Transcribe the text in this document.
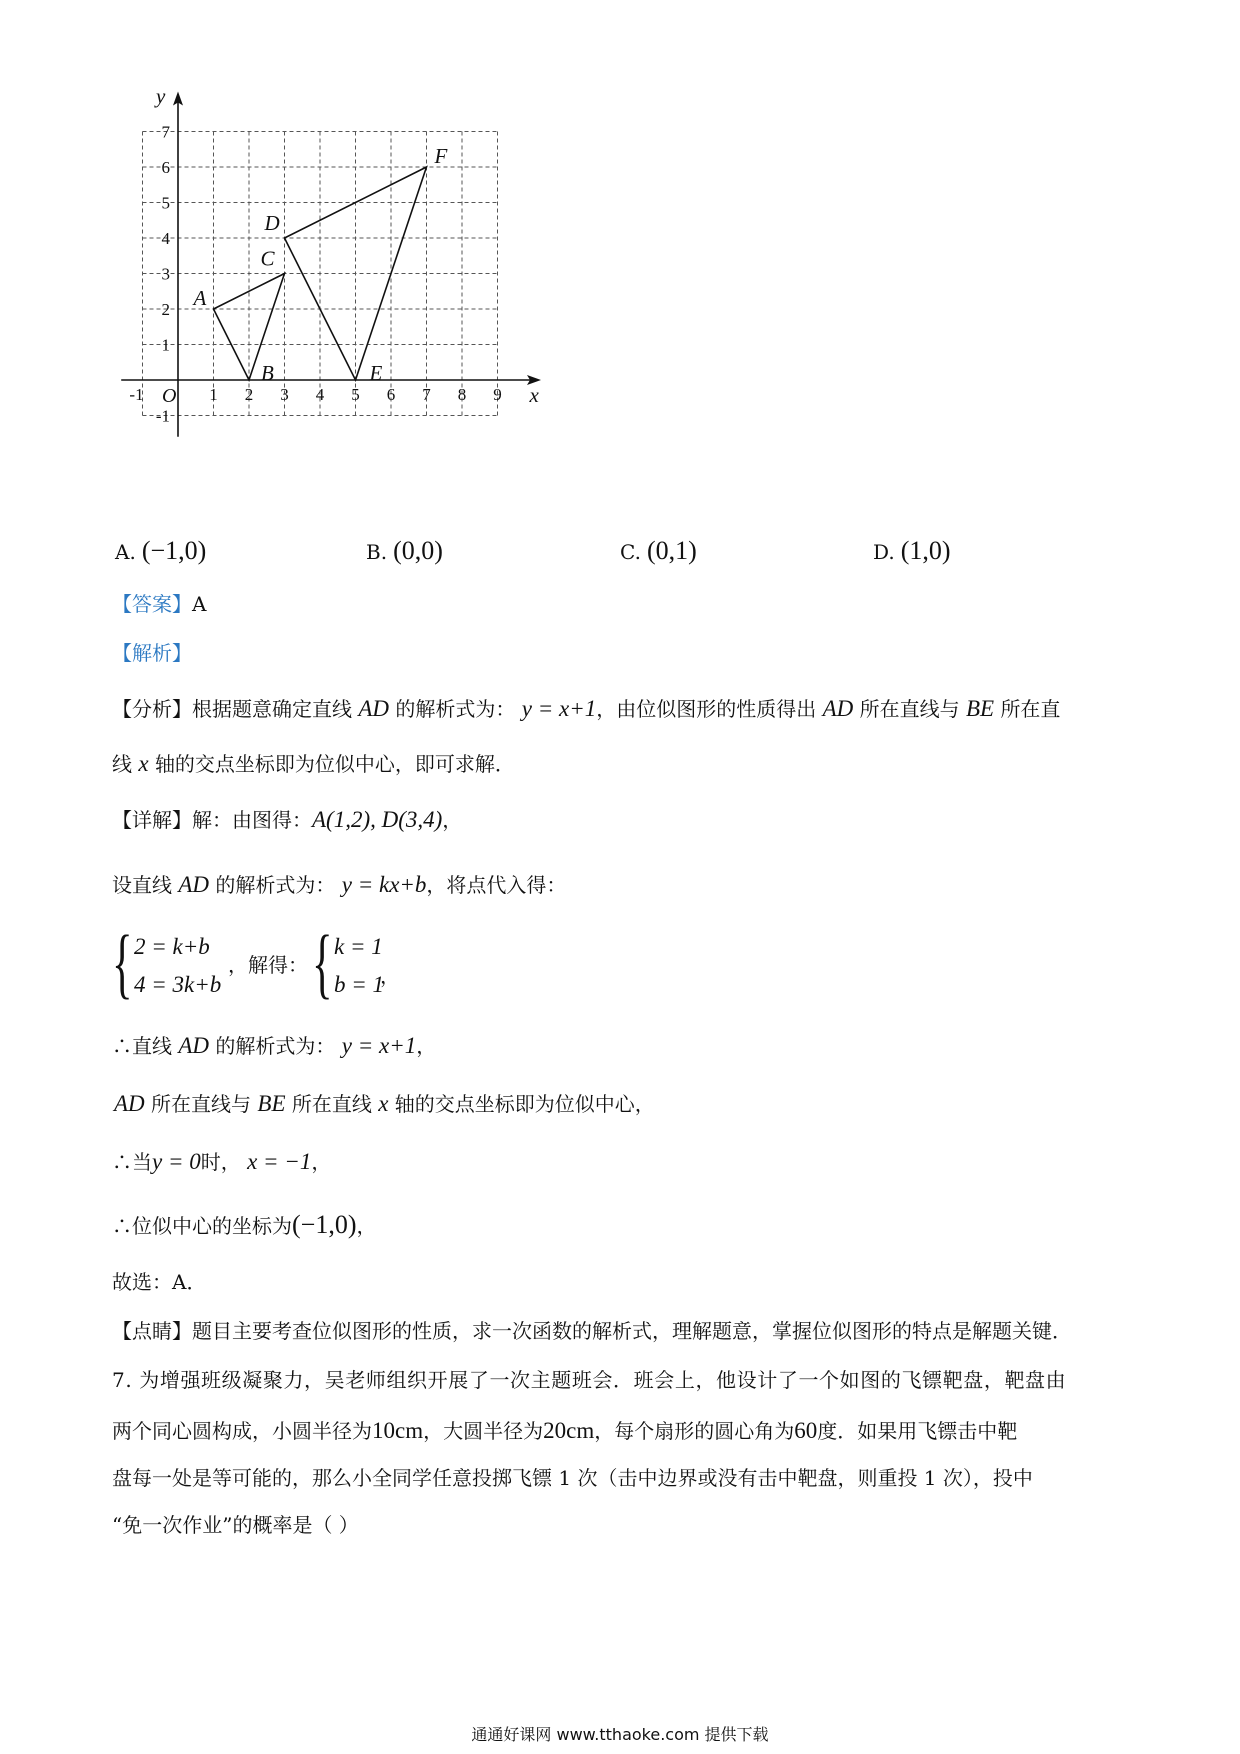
-1	1 2 3 4 5 6 7 8 9
-1
1
2
3
4
5
6
7
x
y
O
A
B
C
D
E
F
A. (−1,0)	B. (0,0)	C. (0,1)	D. (1,0)
【答案】A
【解析】
【分析】根据题意确定直线 AD 的解析式为： y = x+1，由位似图形的性质得出 AD 所在直线与 BE 所在直
线 x 轴的交点坐标即为位似中心，即可求解．
【详解】解：由图得：A(1,2), D(3,4)，
设直线 AD 的解析式为： y = kx+b，将点代入得：
{ 2 = k+b
4 = 3k+b
，解得： { k = 1
b = 1
，
∴直线 AD 的解析式为： y = x+1，
AD 所在直线与 BE 所在直线 x 轴的交点坐标即为位似中心，
∴当y = 0时， x = −1，
∴位似中心的坐标为(−1,0)，
故选：A．
【点睛】题目主要考查位似图形的性质，求一次函数的解析式，理解题意，掌握位似图形的特点是解题关键．
7. 为增强班级凝聚力，吴老师组织开展了一次主题班会．班会上，他设计了一个如图的飞镖靶盘，靶盘由
两个同心圆构成，小圆半径为10cm，大圆半径为20cm，每个扇形的圆心角为60度．如果用飞镖击中靶
盘每一处是等可能的，那么小全同学任意投掷飞镖 1 次（击中边界或没有击中靶盘，则重投 1 次），投中
“免一次作业”的概率是（ ）
通通好课网 www.tthaoke.com 提供下载
